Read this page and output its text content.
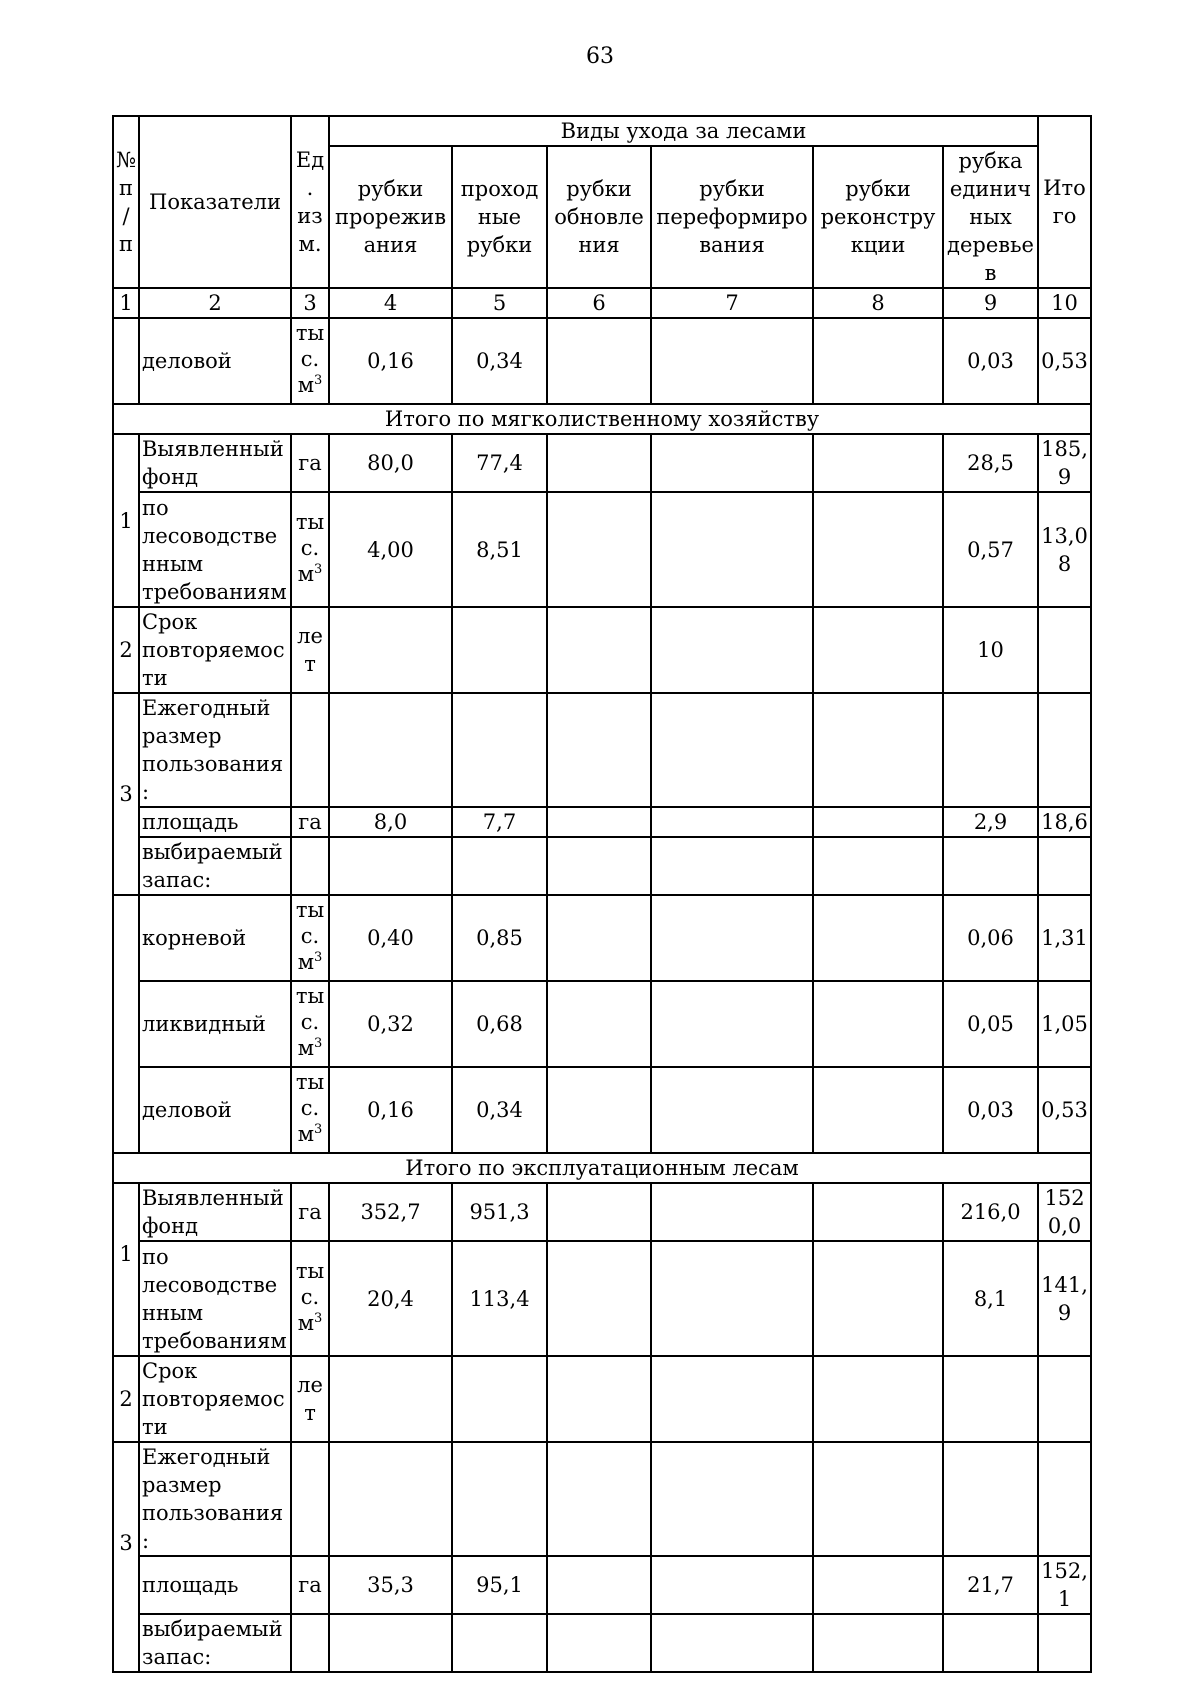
63
№ п/п	Показатели	Ед. изм.	Виды ухода за лесами						Итого
			рубки прореживания	проходные рубки	рубки обновления	рубки переформирования	рубки реконструкции	рубка единичных деревьев	
1	2	3	4	5	6	7	8	9	10
	деловой	ты
с.
$м^3$	0,16	0,34				0,03	0,53
Итого по мягколиственному хозяйству									
1	Выявленный фонд	га	80,0	77,4				28,5	185,9
	по лесоводственным требованиям	ты
с.
$м^3$	4,00	8,51				0,57	13,08
2	Срок повторяемости	лет						10	
3	Ежегодный размер пользования:								
	площадь	га	8,0	7,7				2,9	18,6
	выбираемый запас:								
	корневой	ты
с.
$м^3$	0,40	0,85				0,06	1,31
	ликвидный	ты
с.
$м^3$	0,32	0,68				0,05	1,05
	деловой	ты
с.
$м^3$	0,16	0,34				0,03	0,53
Итого по эксплуатационным лесам									
1	Выявленный фонд	га	352,7	951,3				216,0	1520,0
	по лесоводственным требованиям	ты
с.
$м^3$	20,4	113,4				8,1	141,9
2	Срок повторяемости	лет							
3	Ежегодный размер пользования:								
	площадь	га	35,3	95,1				21,7	152,1
	выбираемый запас:								
